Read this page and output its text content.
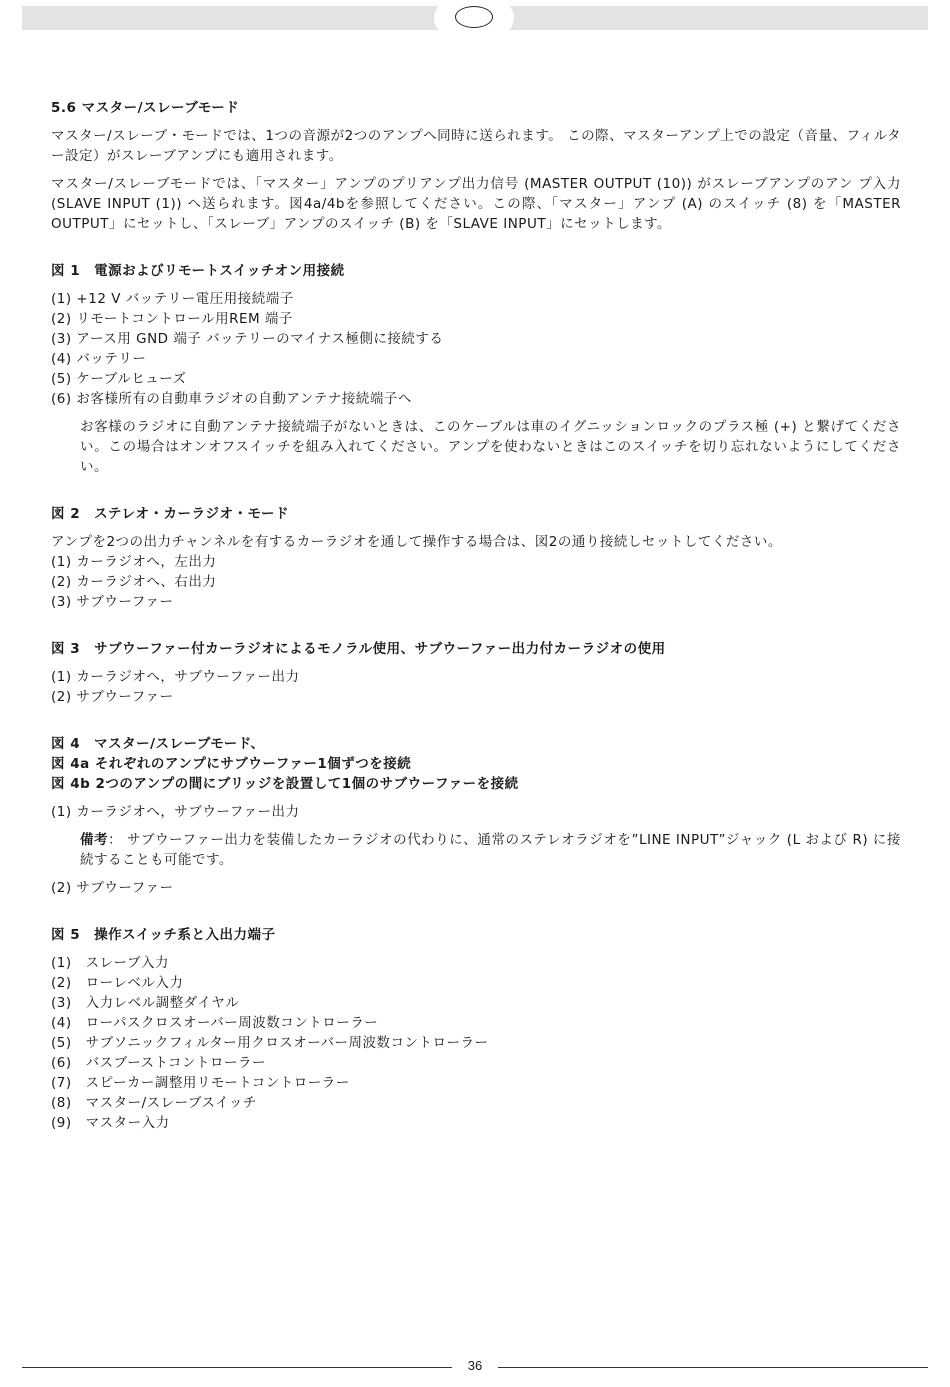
5.6 マスター/スレーブモード

マスター/スレーブ・モードでは、1つの音源が2つのアンプへ同時に送られます。 この際、マスターアンプ上での設定（音量、フィルター設定）がスレーブアンプにも適用されます。

マスター/スレーブモードでは、「マスター」アンプのプリアンプ出力信号 (MASTER OUTPUT (10)) がスレーブアンプのアン プ入力 (SLAVE INPUT (1)) へ送られます。図4a/4bを参照してください。この際、「マスター」アンプ (A) のスイッチ (8) を「MASTER OUTPUT」にセットし、「スレーブ」アンプのスイッチ (B) を「SLAVE INPUT」にセットします。

図 1　電源およびリモートスイッチオン用接続

(1) +12 V バッテリー電圧用接続端子

(2) リモートコントロール用REM 端子

(3) アース用 GND 端子 バッテリーのマイナス極側に接続する

(4) バッテリー

(5) ケーブルヒューズ

(6) お客様所有の自動車ラジオの自動アンテナ接続端子へ

お客様のラジオに自動アンテナ接続端子がないときは、このケーブルは車のイグニッションロックのプラス極 (+) と繋げてください。この場合はオンオフスイッチを組み入れてください。アンプを使わないときはこのスイッチを切り忘れないようにしてください。

図 2　ステレオ・カーラジオ・モード

アンプを2つの出力チャンネルを有するカーラジオを通して操作する場合は、図2の通り接続しセットしてください。

(1) カーラジオへ，左出力

(2) カーラジオへ、右出力

(3) サブウーファー

図 3　サブウーファー付カーラジオによるモノラル使用、サブウーファー出力付カーラジオの使用

(1) カーラジオへ，サブウーファー出力

(2) サブウーファー

図 4　マスター/スレーブモード、

図 4a それぞれのアンプにサブウーファー1個ずつを接続

図 4b 2つのアンプの間にブリッジを設置して1個のサブウーファーを接続

(1) カーラジオへ，サブウーファー出力

備考： サブウーファー出力を装備したカーラジオの代わりに、通常のステレオラジオを”LINE INPUT”ジャック (L および R) に接続することも可能です。

(2) サブウーファー

図 5　操作スイッチ系と入出力端子

(1)　スレーブ入力

(2)　ローレベル入力

(3)　入力レベル調整ダイヤル

(4)　ローパスクロスオーバー周波数コントローラー

(5)　サブソニックフィルター用クロスオーバー周波数コントローラー

(6)　バスブーストコントローラー

(7)　スピーカー調整用リモートコントローラー

(8)　マスター/スレーブスイッチ

(9)　マスター入力

36
